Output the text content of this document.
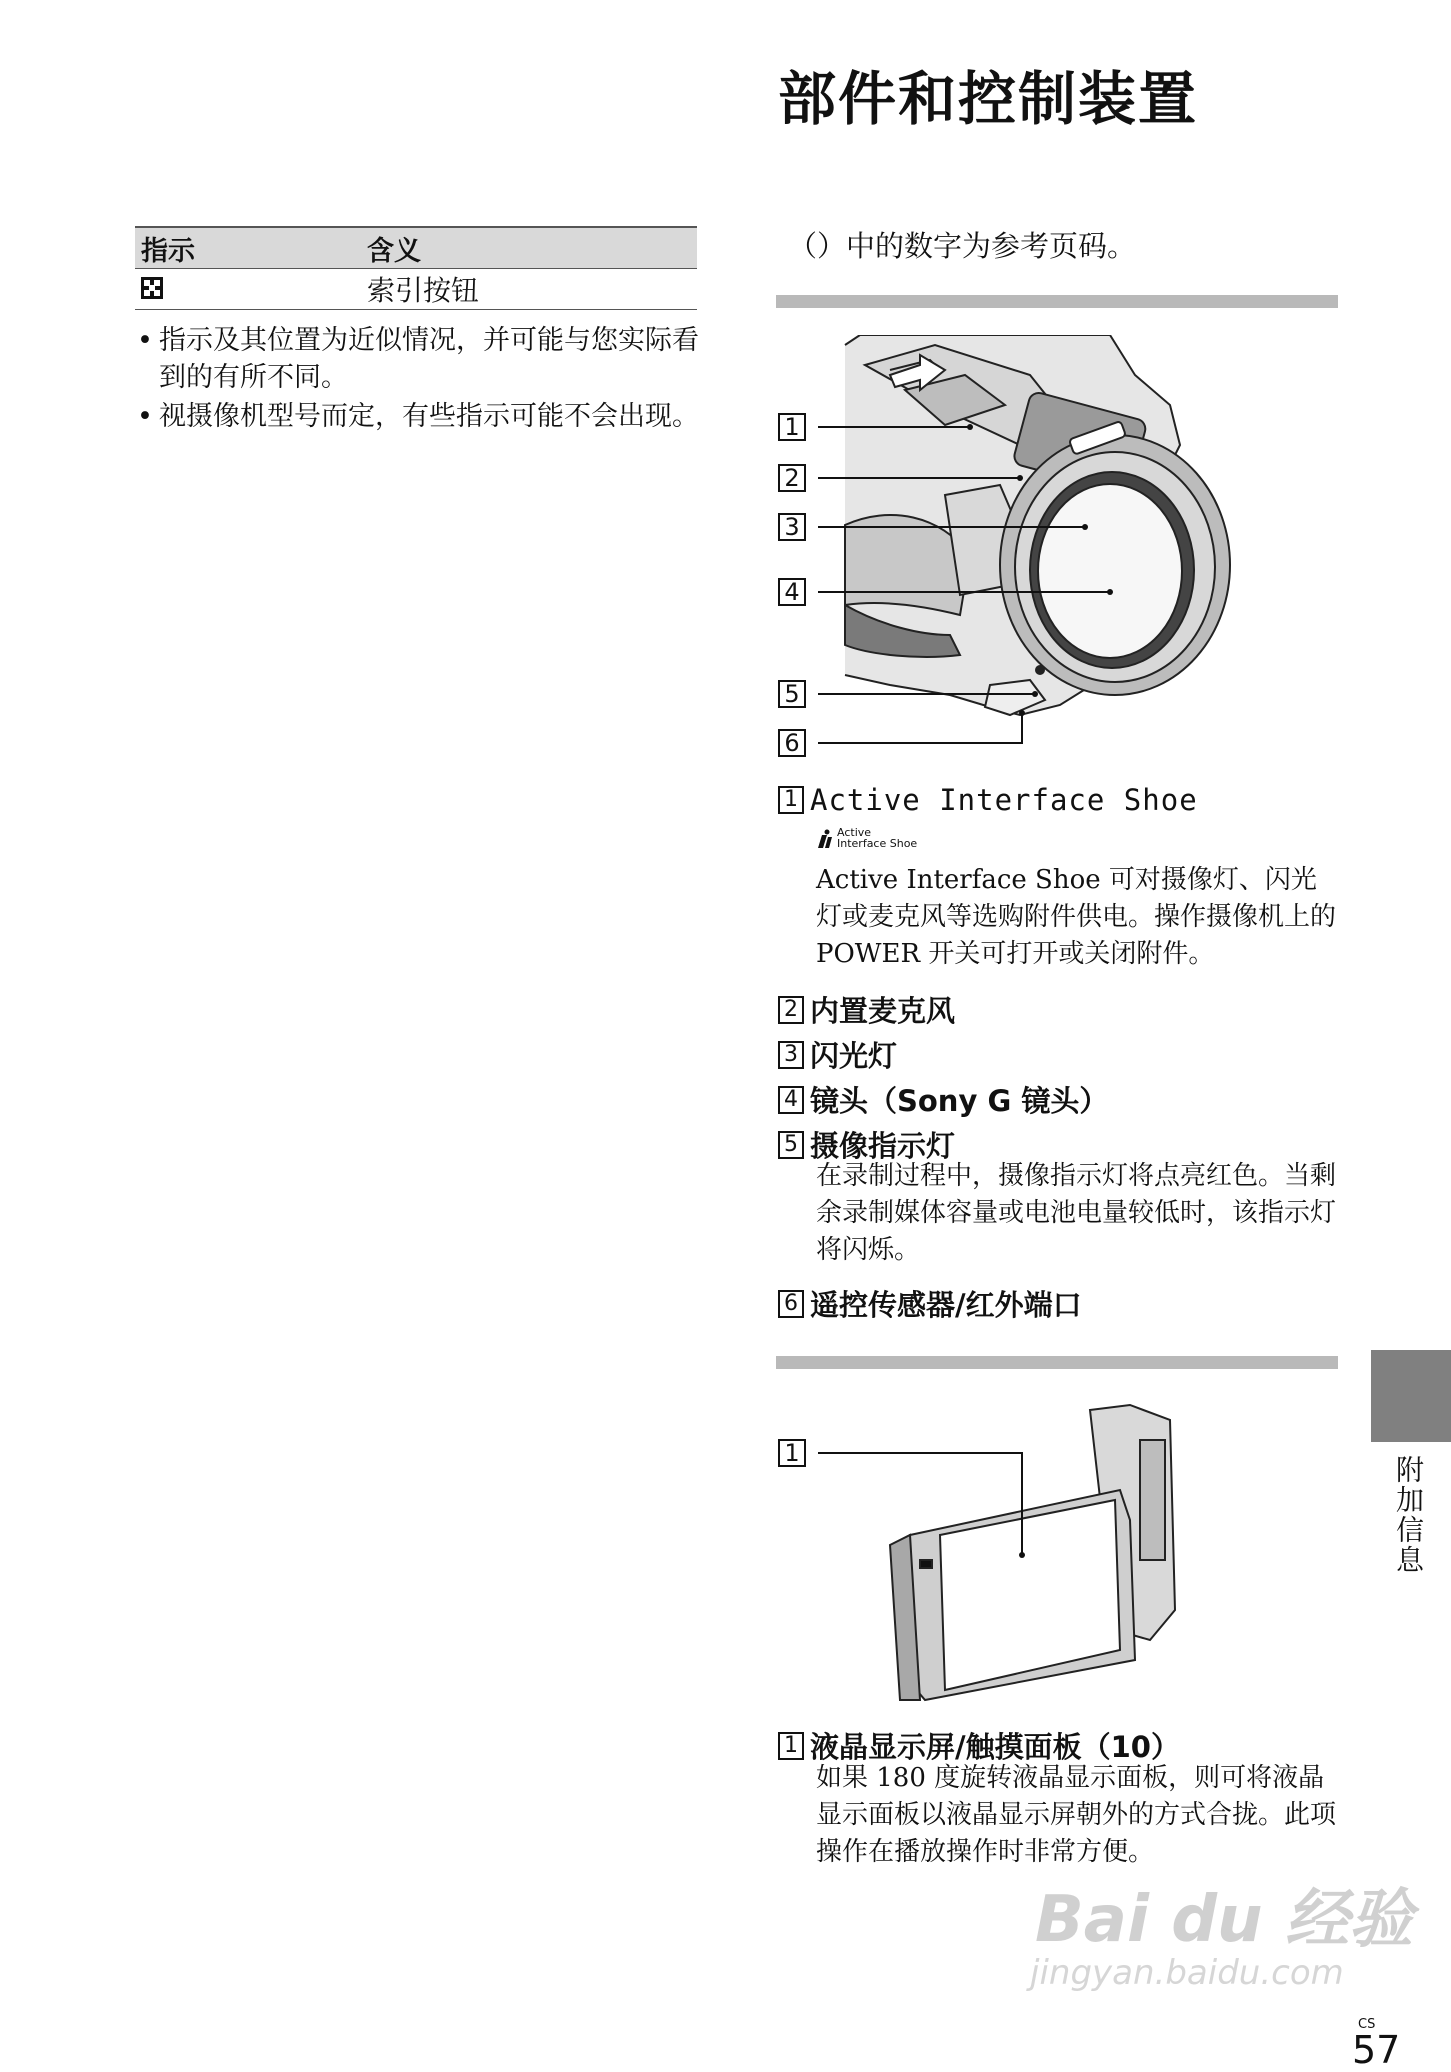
部件和控制装置
（）中的数字为参考页码。
指示	含义
索引按钮
• 指示及其位置为近似情况，并可能与您实际看到的有所不同。
• 视摄像机型号而定，有些指示可能不会出现。	1
2
3
4
5
6
1 Active Interface Shoe
Active
Interface Shoe
Active Interface Shoe 可对摄像灯、闪光灯或麦克风等选购附件供电。操作摄像机上的 POWER 开关可打开或关闭附件。
2 内置麦克风
3 闪光灯
4 镜头（Sony G 镜头）
5 摄像指示灯
在录制过程中，摄像指示灯将点亮红色。当剩余录制媒体容量或电池电量较低时，该指示灯将闪烁。
6 遥控传感器/红外端口
1
1 液晶显示屏/触摸面板（10）
如果 180 度旋转液晶显示面板，则可将液晶显示面板以液晶显示屏朝外的方式合拢。此项操作在播放操作时非常方便。
附加信息
Bai du 经验
jingyan.baidu.com
CS
57
